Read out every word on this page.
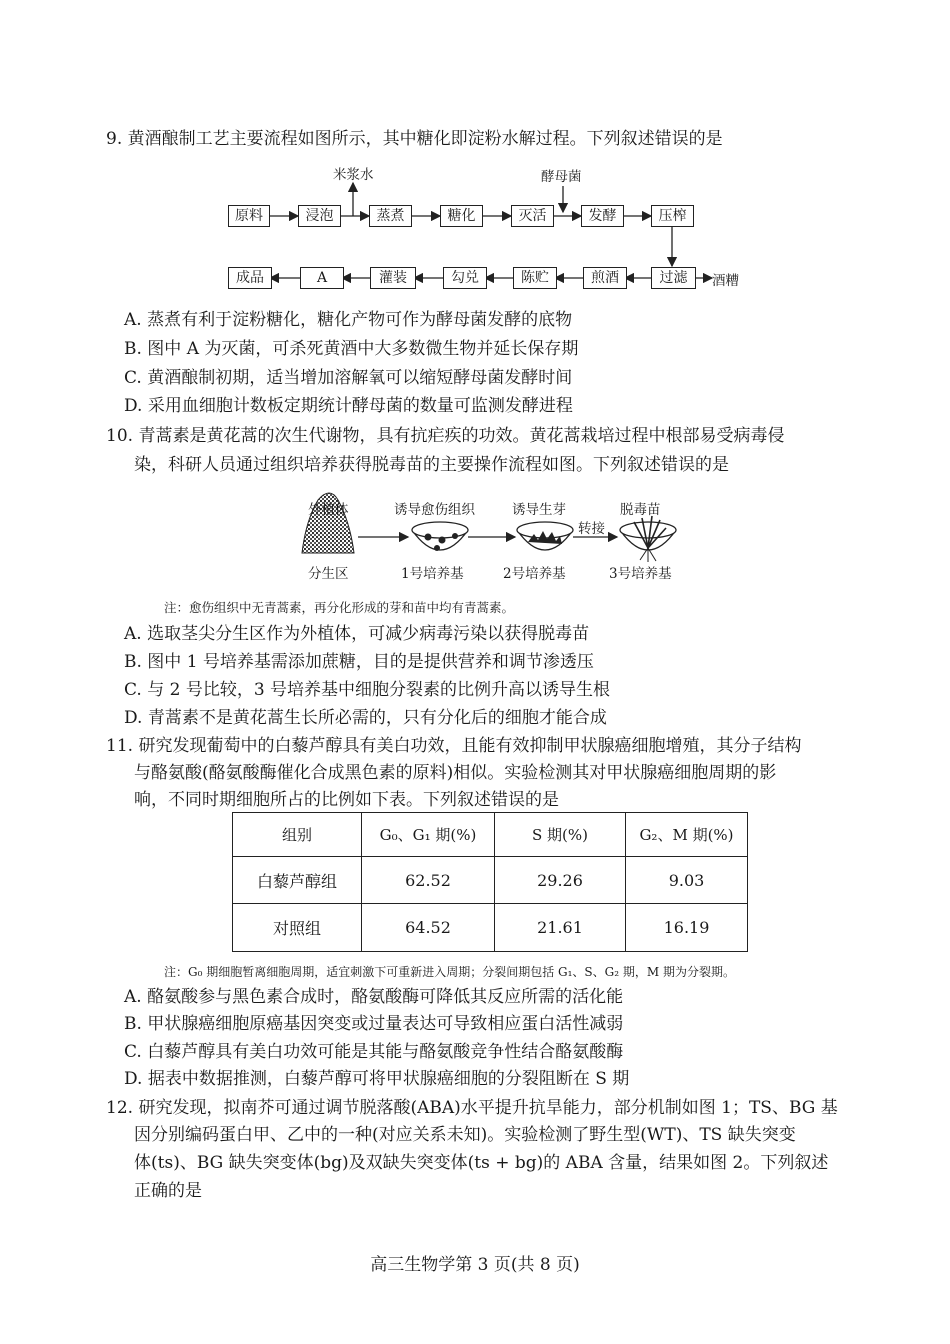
9. 黄酒酿制工艺主要流程如图所示，其中糖化即淀粉水解过程。下列叙述错误的是
原料	浸泡	蒸煮	糖化	灭活	发酵	压榨
成品	A	灌装	勾兑	陈贮	煎酒	过滤
米浆水	酵母菌
酒糟
A. 蒸煮有利于淀粉糖化，糖化产物可作为酵母菌发酵的底物
B. 图中 A 为灭菌，可杀死黄酒中大多数微生物并延长保存期
C. 黄酒酿制初期，适当增加溶解氧可以缩短酵母菌发酵时间
D. 采用血细胞计数板定期统计酵母菌的数量可监测发酵进程
10. 青蒿素是黄花蒿的次生代谢物，具有抗疟疾的功效。黄花蒿栽培过程中根部易受病毒侵
染，科研人员通过组织培养获得脱毒苗的主要操作流程如图。下列叙述错误的是
外植体	诱导愈伤组织	诱导生芽	脱毒苗
转接
分生区	1号培养基	2号培养基	3号培养基
注：愈伤组织中无青蒿素，再分化形成的芽和苗中均有青蒿素。
A. 选取茎尖分生区作为外植体，可减少病毒污染以获得脱毒苗
B. 图中 1 号培养基需添加蔗糖，目的是提供营养和调节渗透压
C. 与 2 号比较，3 号培养基中细胞分裂素的比例升高以诱导生根
D. 青蒿素不是黄花蒿生长所必需的，只有分化后的细胞才能合成
11. 研究发现葡萄中的白藜芦醇具有美白功效，且能有效抑制甲状腺癌细胞增殖，其分子结构
与酪氨酸(酪氨酸酶催化合成黑色素的原料)相似。实验检测其对甲状腺癌细胞周期的影
响，不同时期细胞所占的比例如下表。下列叙述错误的是
组别	G₀、G₁ 期(%)	S 期(%)	G₂、M 期(%)
白藜芦醇组	62.52	29.26	9.03
对照组	64.52	21.61	16.19
注：G₀ 期细胞暂离细胞周期，适宜刺激下可重新进入周期；分裂间期包括 G₁、S、G₂ 期，M 期为分裂期。
A. 酪氨酸参与黑色素合成时，酪氨酸酶可降低其反应所需的活化能
B. 甲状腺癌细胞原癌基因突变或过量表达可导致相应蛋白活性减弱
C. 白藜芦醇具有美白功效可能是其能与酪氨酸竞争性结合酪氨酸酶
D. 据表中数据推测，白藜芦醇可将甲状腺癌细胞的分裂阻断在 S 期
12. 研究发现，拟南芥可通过调节脱落酸(ABA)水平提升抗旱能力，部分机制如图 1；TS、BG 基
因分别编码蛋白甲、乙中的一种(对应关系未知)。实验检测了野生型(WT)、TS 缺失突变
体(ts)、BG 缺失突变体(bg)及双缺失突变体(ts + bg)的 ABA 含量，结果如图 2。下列叙述
正确的是
高三生物学第 3 页(共 8 页)
